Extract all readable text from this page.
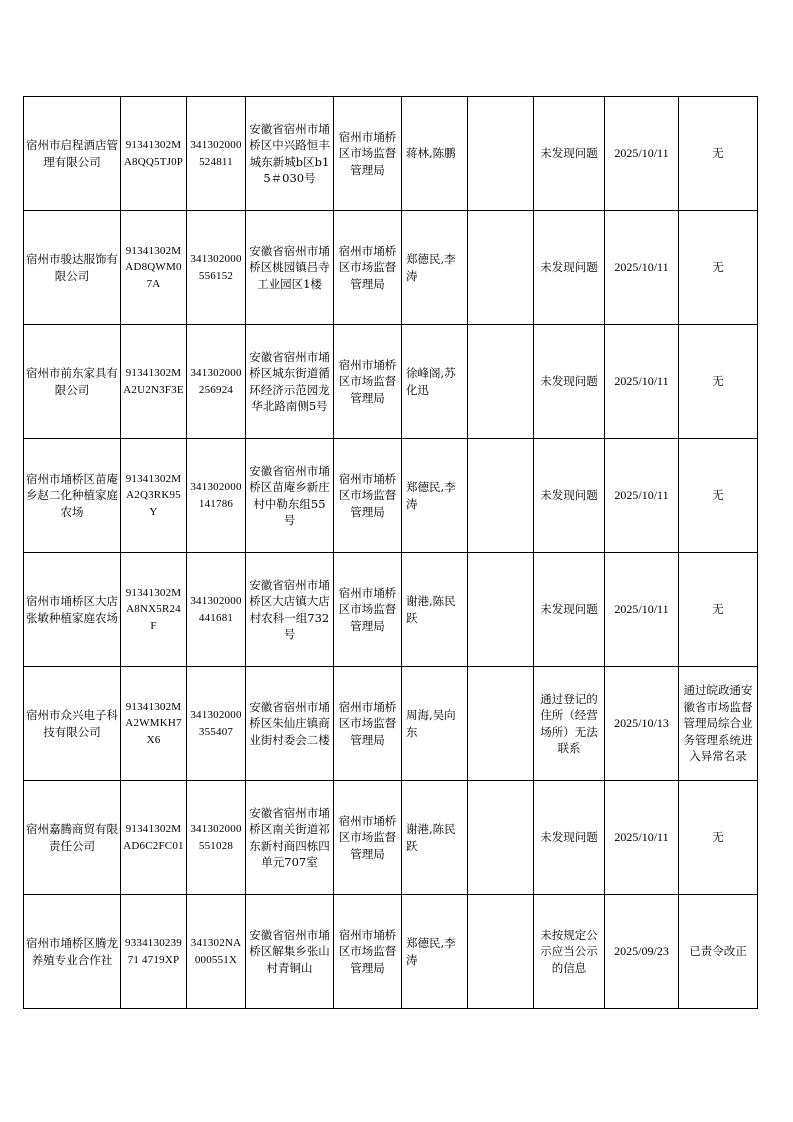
宿州市启程酒店管理有限公司	91341302MA8QQ5TJ0P	341302000524811	安徽省宿州市埇桥区中兴路恒丰城东新城b区b15＃030号	宿州市埇桥区市场监督管理局	蒋林,陈鹏		未发现问题	2025/10/11	无
宿州市骏达服饰有限公司	91341302MAD8QWM07A	341302000556152	安徽省宿州市埇桥区桃园镇吕寺工业园区1楼	宿州市埇桥区市场监督管理局	郑德民,李涛		未发现问题	2025/10/11	无
宿州市前东家具有限公司	91341302MA2U2N3F3E	341302000256924	安徽省宿州市埇桥区城东街道循环经济示范园龙华北路南侧5号	宿州市埇桥区市场监督管理局	徐峰阁,苏化迅		未发现问题	2025/10/11	无
宿州市埇桥区苗庵乡赵二化种植家庭农场	91341302MA2Q3RK95Y	341302000141786	安徽省宿州市埇桥区苗庵乡新庄村中勒东组55号	宿州市埇桥区市场监督管理局	郑德民,李涛		未发现问题	2025/10/11	无
宿州市埇桥区大店张敏种植家庭农场	91341302MA8NX5R24F	341302000441681	安徽省宿州市埇桥区大店镇大店村农科一组732号	宿州市埇桥区市场监督管理局	谢港,陈民跃		未发现问题	2025/10/11	无
宿州市众兴电子科技有限公司	91341302MA2WMKH7X6	341302000355407	安徽省宿州市埇桥区朱仙庄镇商业街村委会二楼	宿州市埇桥区市场监督管理局	周海,吴向东		通过登记的住所（经营场所）无法联系	2025/10/13	通过皖政通安徽省市场监督管理局综合业务管理系统进入异常名录
宿州嘉腾商贸有限责任公司	91341302MAD6C2FC01	341302000551028	安徽省宿州市埇桥区南关街道祁东新村商四栋四单元707室	宿州市埇桥区市场监督管理局	谢港,陈民跃		未发现问题	2025/10/11	无
宿州市埇桥区腾龙养殖专业合作社	933413023971 4719XP	341302NA000551X	安徽省宿州市埇桥区解集乡张山村青铜山	宿州市埇桥区市场监督管理局	郑德民,李涛		未按规定公示应当公示的信息	2025/09/23	已责令改正
